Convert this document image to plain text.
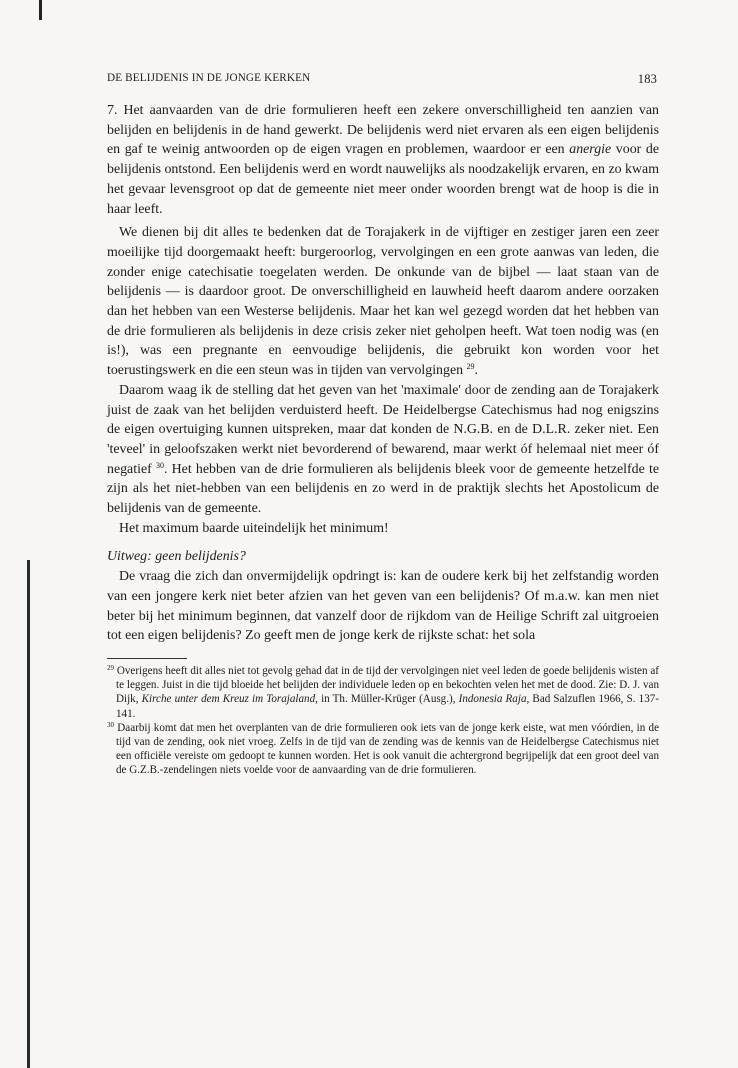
DE BELIJDENIS IN DE JONGE KERKEN	183

7. Het aanvaarden van de drie formulieren heeft een zekere onverschilligheid ten aanzien van belijden en belijdenis in de hand gewerkt. De belijdenis werd niet ervaren als een eigen belijdenis en gaf te weinig antwoorden op de eigen vragen en problemen, waardoor er een anergie voor de belijdenis ontstond. Een belijdenis werd en wordt nauwelijks als noodzakelijk ervaren, en zo kwam het gevaar levensgroot op dat de gemeente niet meer onder woorden brengt wat de hoop is die in haar leeft.

We dienen bij dit alles te bedenken dat de Torajakerk in de vijftiger en zestiger jaren een zeer moeilijke tijd doorgemaakt heeft: burgeroorlog, vervolgingen en een grote aanwas van leden, die zonder enige catechisatie toegelaten werden. De onkunde van de bijbel — laat staan van de belijdenis — is daardoor groot. De onverschilligheid en lauwheid heeft daarom andere oorzaken dan het hebben van een Westerse belijdenis. Maar het kan wel gezegd worden dat het hebben van de drie formulieren als belijdenis in deze crisis zeker niet geholpen heeft. Wat toen nodig was (en is!), was een pregnante en eenvoudige belijdenis, die gebruikt kon worden voor het toerustingswerk en die een steun was in tijden van vervolgingen $^{29}$.

Daarom waag ik de stelling dat het geven van het 'maximale' door de zending aan de Torajakerk juist de zaak van het belijden verduisterd heeft. De Heidelbergse Catechismus had nog enigszins de eigen overtuiging kunnen uitspreken, maar dat konden de N.G.B. en de D.L.R. zeker niet. Een 'teveel' in geloofszaken werkt niet bevorderend of bewarend, maar werkt óf helemaal niet meer óf negatief $^{30}$. Het hebben van de drie formulieren als belijdenis bleek voor de gemeente hetzelfde te zijn als het niet-hebben van een belijdenis en zo werd in de praktijk slechts het Apostolicum de belijdenis van de gemeente.

Het maximum baarde uiteindelijk het minimum!

Uitweg: geen belijdenis?

De vraag die zich dan onvermijdelijk opdringt is: kan de oudere kerk bij het zelfstandig worden van een jongere kerk niet beter afzien van het geven van een belijdenis? Of m.a.w. kan men niet beter bij het minimum beginnen, dat vanzelf door de rijkdom van de Heilige Schrift zal uitgroeien tot een eigen belijdenis? Zo geeft men de jonge kerk de rijkste schat: het sola

$^{29}$ Overigens heeft dit alles niet tot gevolg gehad dat in de tijd der vervolgingen niet veel leden de goede belijdenis wisten af te leggen. Juist in die tijd bloeide het belijden der individuele leden op en bekochten velen het met de dood. Zie: D. J. van Dijk, Kirche unter dem Kreuz im Torajaland, in Th. Müller-Krüger (Ausg.), Indonesia Raja, Bad Salzuflen 1966, S. 137-141.

$^{30}$ Daarbij komt dat men het overplanten van de drie formulieren ook iets van de jonge kerk eiste, wat men vóórdien, in de tijd van de zending, ook niet vroeg. Zelfs in de tijd van de zending was de kennis van de Heidelbergse Catechismus niet een officiële vereiste om gedoopt te kunnen worden. Het is ook vanuit die achtergrond begrijpelijk dat een groot deel van de G.Z.B.-zendelingen niets voelde voor de aanvaarding van de drie formulieren.
